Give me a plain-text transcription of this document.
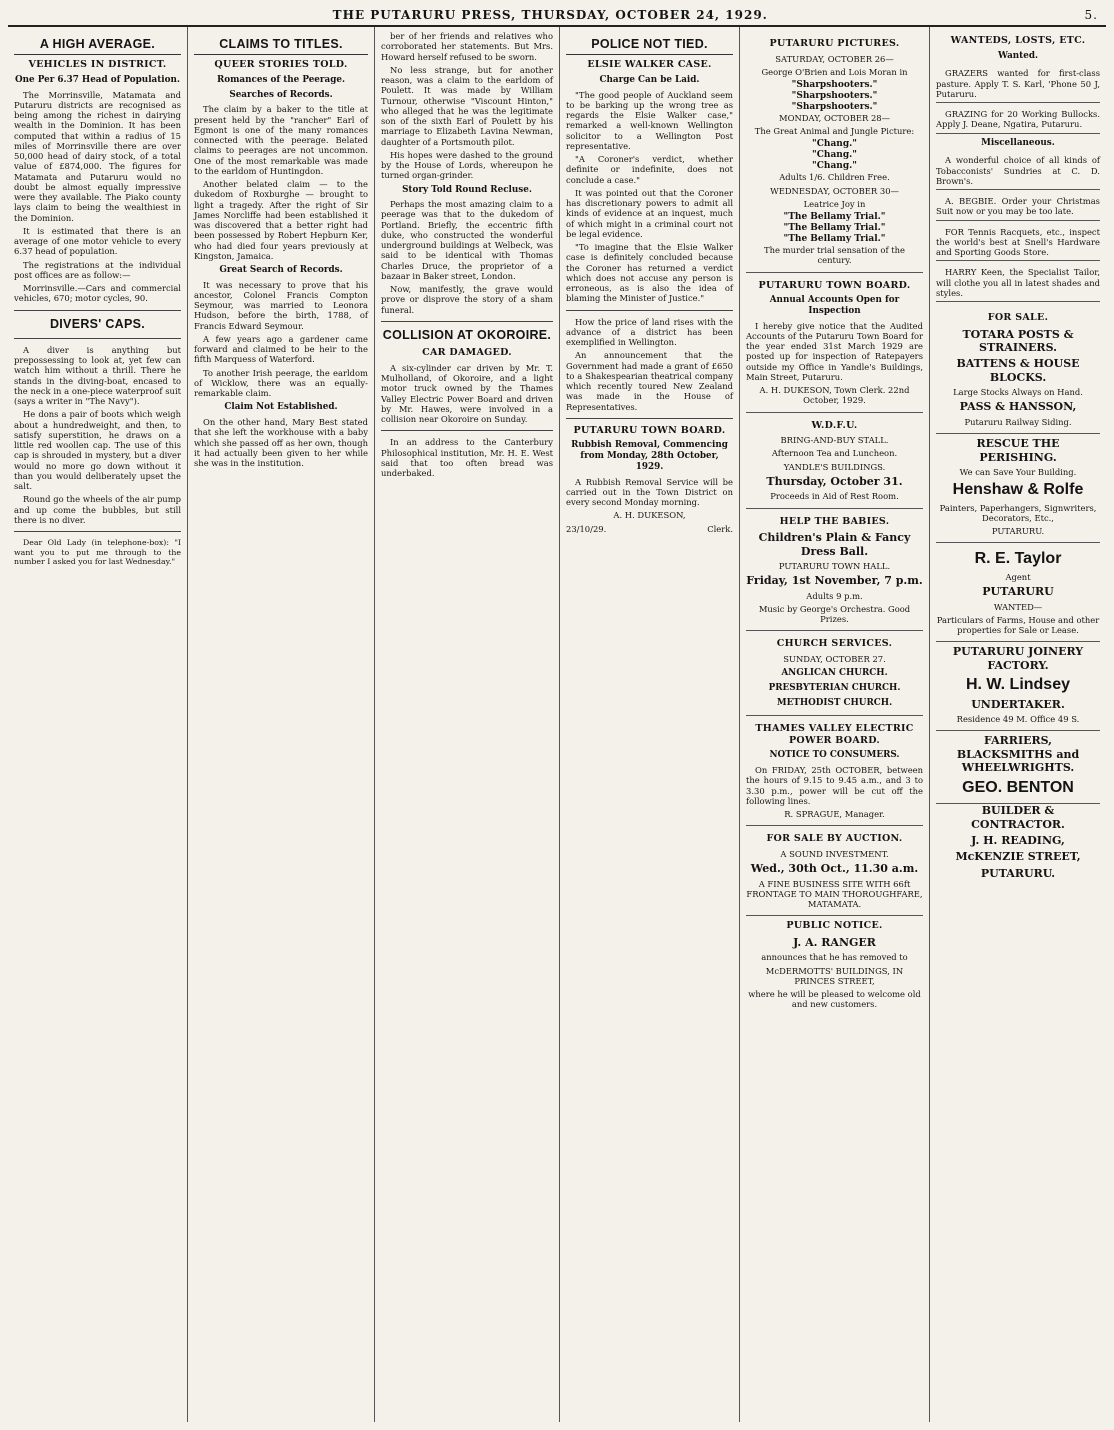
THE PUTARURU PRESS, THURSDAY, OCTOBER 24, 1929.	5.
A HIGH AVERAGE.
VEHICLES IN DISTRICT.
One Per 6.37 Head of Population.

The Morrinsville, Matamata and Putaruru districts are recognised as being among the richest in dairying wealth in the Dominion. It has been computed that within a radius of 15 miles of Morrinsville there are over 50,000 head of dairy stock, of a total value of £874,000. The figures for Matamata and Putaruru would no doubt be almost equally impressive were they available. The Piako county lays claim to being the wealthiest in the Dominion.

It is estimated that there is an average of one motor vehicle to every 6.37 head of population.

The registrations at the individual post offices are as follow:—

Morrinsville.—Cars and commercial vehicles, 670; motor cycles, 90.

DIVERS' CAPS.

A diver is anything but prepossessing to look at, yet few can watch him without a thrill. There he stands in the diving-boat, encased to the neck in a one-piece waterproof suit (says a writer in "The Navy").

He dons a pair of boots which weigh about a hundredweight, and then, to satisfy superstition, he draws on a little red woollen cap. The use of this cap is shrouded in mystery, but a diver would no more go down without it than you would deliberately upset the salt.

Round go the wheels of the air pump and up come the bubbles, but still there is no diver.

Dear Old Lady (in telephone-box): "I want you to put me through to the number I asked you for last Wednesday."

CLAIMS TO TITLES.
QUEER STORIES TOLD.
Romances of the Peerage.
Searches of Records.

The claim by a baker to the title at present held by the "rancher" Earl of Egmont is one of the many romances connected with the peerage. Belated claims to peerages are not uncommon. One of the most remarkable was made to the earldom of Huntingdon.

Another belated claim — to the dukedom of Roxburghe — brought to light a tragedy. After the right of Sir James Norcliffe had been established it was discovered that a better right had been possessed by Robert Hepburn Ker, who had died four years previously at Kingston, Jamaica.

Great Search of Records.

It was necessary to prove that his ancestor, Colonel Francis Compton Seymour, was married to Leonora Hudson, before the birth, 1788, of Francis Edward Seymour.

A few years ago a gardener came forward and claimed to be heir to the fifth Marquess of Waterford.

To another Irish peerage, the earldom of Wicklow, there was an equally-remarkable claim.

Claim Not Established.

On the other hand, Mary Best stated that she left the workhouse with a baby which she passed off as her own, though it had actually been given to her while she was in the institution.

ber of her friends and relatives who corroborated her statements. But Mrs. Howard herself refused to be sworn.

No less strange, but for another reason, was a claim to the earldom of Poulett. It was made by William Turnour, otherwise "Viscount Hinton," who alleged that he was the legitimate son of the sixth Earl of Poulett by his marriage to Elizabeth Lavina Newman, daughter of a Portsmouth pilot.

His hopes were dashed to the ground by the House of Lords, whereupon he turned organ-grinder.

Story Told Round Recluse.

Perhaps the most amazing claim to a peerage was that to the dukedom of Portland. Briefly, the eccentric fifth duke, who constructed the wonderful underground buildings at Welbeck, was said to be identical with Thomas Charles Druce, the proprietor of a bazaar in Baker street, London.

Now, manifestly, the grave would prove or disprove the story of a sham funeral.

COLLISION AT OKOROIRE.
CAR DAMAGED.

A six-cylinder car driven by Mr. T. Mulholland, of Okoroire, and a light motor truck owned by the Thames Valley Electric Power Board and driven by Mr. Hawes, were involved in a collision near Okoroire on Sunday.

In an address to the Canterbury Philosophical institution, Mr. H. E. West said that too often bread was underbaked.

POLICE NOT TIED.
ELSIE WALKER CASE.
Charge Can be Laid.

"The good people of Auckland seem to be barking up the wrong tree as regards the Elsie Walker case," remarked a well-known Wellington solicitor to a Wellington Post representative.

"A Coroner's verdict, whether definite or indefinite, does not conclude a case."

It was pointed out that the Coroner has discretionary powers to admit all kinds of evidence at an inquest, much of which might in a criminal court not be legal evidence.

"To imagine that the Elsie Walker case is definitely concluded because the Coroner has returned a verdict which does not accuse any person is erroneous, as is also the idea of blaming the Minister of Justice."

How the price of land rises with the advance of a district has been exemplified in Wellington.

An announcement that the Government had made a grant of £650 to a Shakespearian theatrical company which recently toured New Zealand was made in the House of Representatives.

PUTARURU TOWN BOARD.
Rubbish Removal, Commencing from Monday, 28th October, 1929.

A Rubbish Removal Service will be carried out in the Town District on every second Monday morning.

A. H. DUKESON,

23/10/29.	Clerk.
PUTARURU PICTURES.

SATURDAY, OCTOBER 26—

George O'Brien and Lois Moran in

"Sharpshooters."
"Sharpshooters."
"Sharpshooters."

MONDAY, OCTOBER 28—

The Great Animal and Jungle Picture:

"Chang."
"Chang."
"Chang."

Adults 1/6. Children Free.

WEDNESDAY, OCTOBER 30—

Leatrice Joy in

"The Bellamy Trial."
"The Bellamy Trial."
"The Bellamy Trial."

The murder trial sensation of the century.

PUTARURU TOWN BOARD.
Annual Accounts Open for Inspection

I hereby give notice that the Audited Accounts of the Putaruru Town Board for the year ended 31st March 1929 are posted up for inspection of Ratepayers outside my Office in Yandle's Buildings, Main Street, Putaruru.

A. H. DUKESON, Town Clerk. 22nd October, 1929.

W.D.F.U.

BRING-AND-BUY STALL.

Afternoon Tea and Luncheon.

YANDLE'S BUILDINGS.

Thursday, October 31.

Proceeds in Aid of Rest Room.

HELP THE BABIES.

Children's Plain & Fancy Dress Ball.

PUTARURU TOWN HALL.

Friday, 1st November, 7 p.m.

Adults 9 p.m.

Music by George's Orchestra. Good Prizes.

CHURCH SERVICES.

SUNDAY, OCTOBER 27.

ANGLICAN CHURCH.
PRESBYTERIAN CHURCH.
METHODIST CHURCH.
THAMES VALLEY ELECTRIC POWER BOARD.
NOTICE TO CONSUMERS.

On FRIDAY, 25th OCTOBER, between the hours of 9.15 to 9.45 a.m., and 3 to 3.30 p.m., power will be cut off the following lines.

R. SPRAGUE, Manager.

FOR SALE BY AUCTION.

A SOUND INVESTMENT.

Wed., 30th Oct., 11.30 a.m.

A FINE BUSINESS SITE WITH 66ft FRONTAGE TO MAIN THOROUGHFARE, MATAMATA.

PUBLIC NOTICE.

J. A. RANGER

announces that he has removed to

McDERMOTTS' BUILDINGS, IN PRINCES STREET,

where he will be pleased to welcome old and new customers.

WANTEDS, LOSTS, ETC.
Wanted.

GRAZERS wanted for first-class pasture. Apply T. S. Karl, 'Phone 50 J, Putaruru.

GRAZING for 20 Working Bullocks. Apply J. Deane, Ngatira, Putaruru.

Miscellaneous.

A wonderful choice of all kinds of Tobacconists' Sundries at C. D. Brown's.

A. BEGBIE. Order your Christmas Suit now or you may be too late.

FOR Tennis Racquets, etc., inspect the world's best at Snell's Hardware and Sporting Goods Store.

HARRY Keen, the Specialist Tailor, will clothe you all in latest shades and styles.

FOR SALE.

TOTARA POSTS & STRAINERS.

BATTENS & HOUSE BLOCKS.

Large Stocks Always on Hand.

PASS & HANSSON,

Putaruru Railway Siding.

RESCUE THE PERISHING.

We can Save Your Building.

Henshaw & Rolfe

Painters, Paperhangers, Signwriters, Decorators, Etc.,

PUTARURU.

R. E. Taylor

Agent

PUTARURU

WANTED—

Particulars of Farms, House and other properties for Sale or Lease.

PUTARURU JOINERY FACTORY.

H. W. Lindsey

UNDERTAKER.

Residence 49 M. Office 49 S.

FARRIERS, BLACKSMITHS and WHEELWRIGHTS.

GEO. BENTON

BUILDER & CONTRACTOR.

J. H. READING,

McKENZIE STREET,

PUTARURU.
